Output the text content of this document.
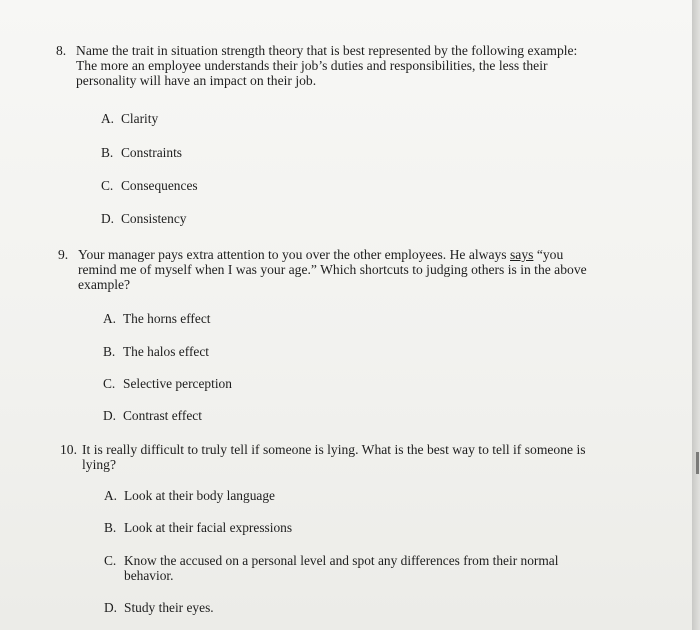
8. Name the trait in situation strength theory that is best represented by the following example:
The more an employee understands their job’s duties and responsibilities, the less their
personality will have an impact on their job.
A. Clarity
B. Constraints
C. Consequences
D. Consistency
9. Your manager pays extra attention to you over the other employees. He always says “you
remind me of myself when I was your age.” Which shortcuts to judging others is in the above
example?
A. The horns effect
B. The halos effect
C. Selective perception
D. Contrast effect
10. It is really difficult to truly tell if someone is lying. What is the best way to tell if someone is
lying?
A. Look at their body language
B. Look at their facial expressions
C. Know the accused on a personal level and spot any differences from their normal
behavior.
D. Study their eyes.
